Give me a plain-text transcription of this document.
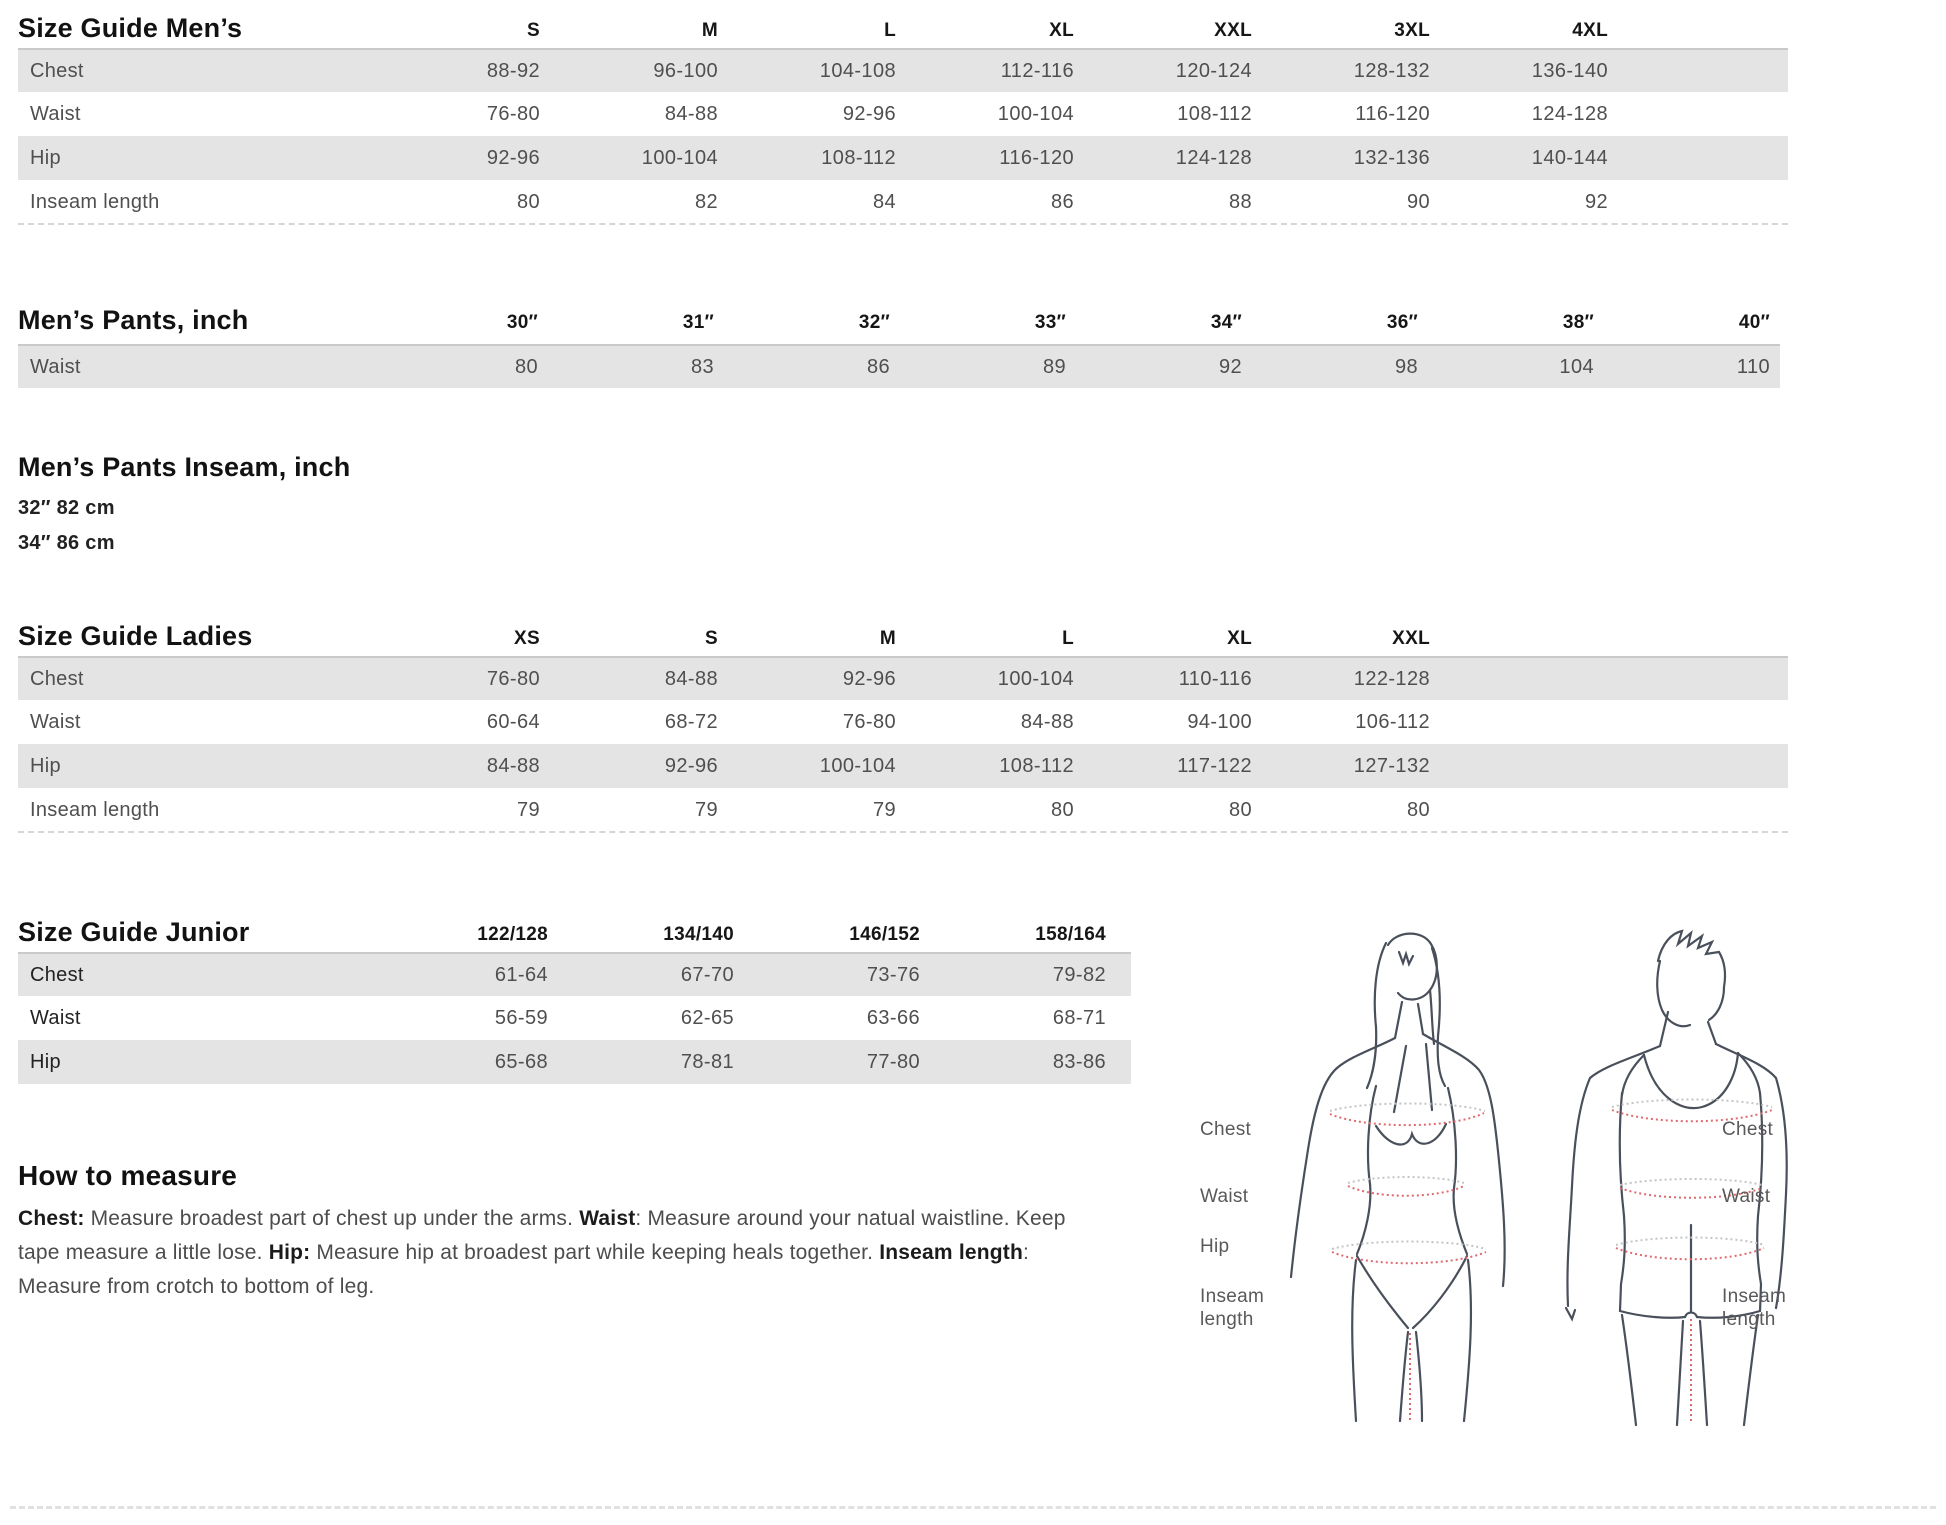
Size Guide Men’s	S	M	L	XL	XXL	3XL	4XL
Chest	88-92	96-100	104-108	112-116	120-124	128-132	136-140
Waist	76-80	84-88	92-96	100-104	108-112	116-120	124-128
Hip	92-96	100-104	108-112	116-120	124-128	132-136	140-144
Inseam length	80	82	84	86	88	90	92
Men’s Pants, inch	30″	31″	32″	33″	34″	36″	38″	40″
Waist	80	83	86	89	92	98	104	110
Men’s Pants Inseam, inch
32″ 82 cm
34″ 86 cm
Size Guide Ladies	XS	S	M	L	XL	XXL
Chest	76-80	84-88	92-96	100-104	110-116	122-128
Waist	60-64	68-72	76-80	84-88	94-100	106-112
Hip	84-88	92-96	100-104	108-112	117-122	127-132
Inseam length	79	79	79	80	80	80
Size Guide Junior	122/128	134/140	146/152	158/164
Chest	61-64	67-70	73-76	79-82
Waist	56-59	62-65	63-66	68-71
Hip	65-68	78-81	77-80	83-86
How to measure

Chest: Measure broadest part of chest up under the arms. Waist: Measure around your natual waistline. Keep tape measure a little lose. Hip: Measure hip at broadest part while keeping heals together. Inseam length: Measure from crotch to bottom of leg.

Chest
Waist
Hip
Inseam length
Chest
Waist
Inseam length
